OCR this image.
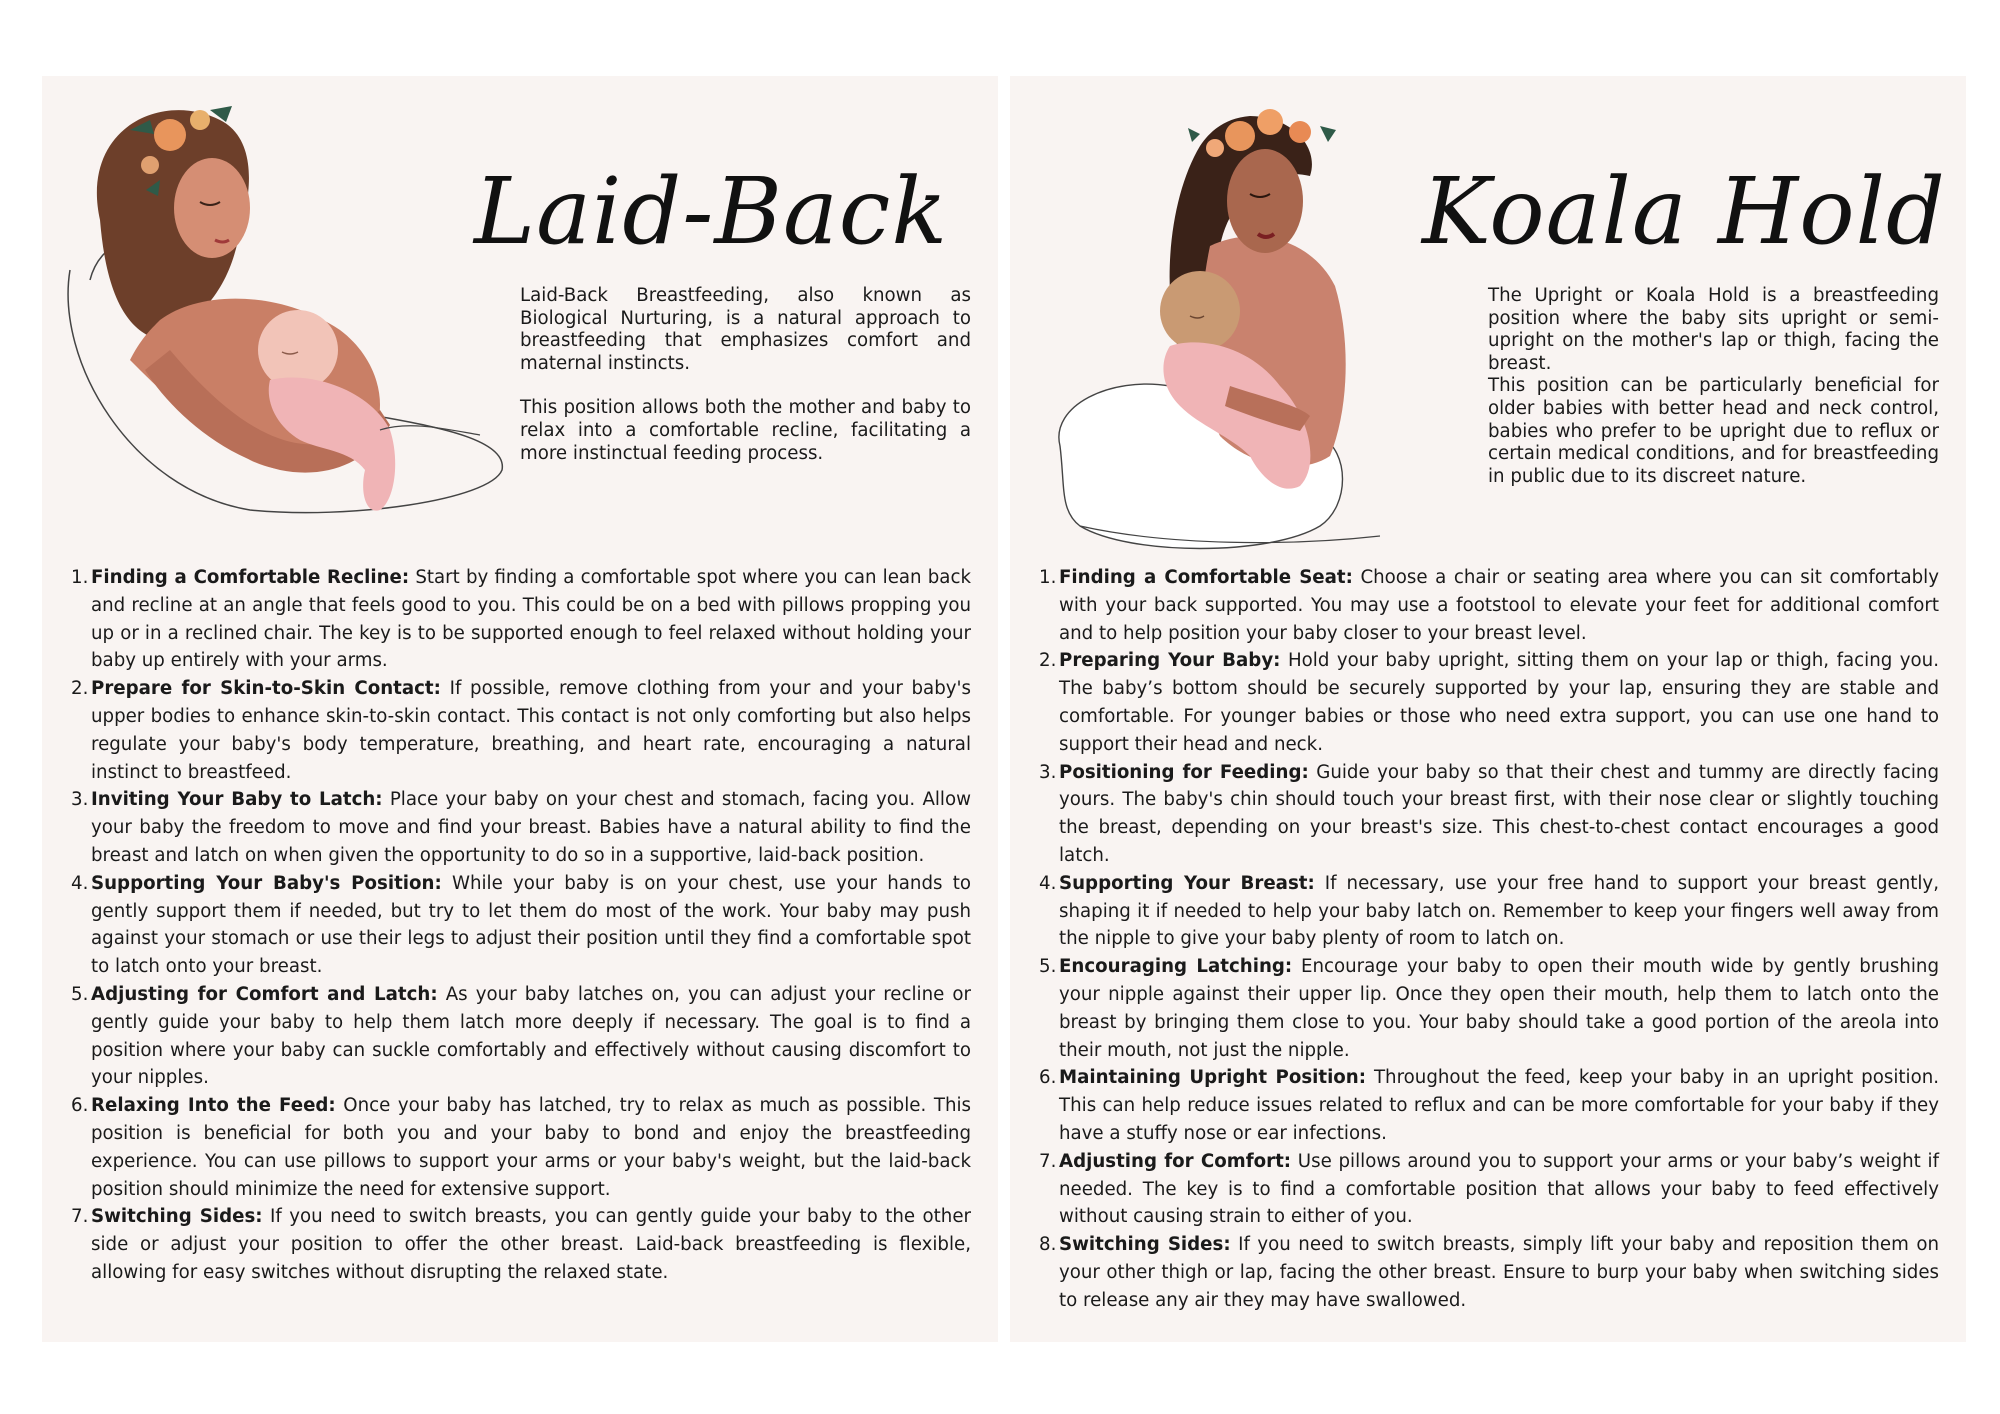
Laid-Back

Laid-Back Breastfeeding, also known as Biological Nurturing, is a natural approach to breastfeeding that emphasizes comfort and maternal instincts.

This position allows both the mother and baby to relax into a comfortable recline, facilitating a more instinctual feeding process.

1. Finding a Comfortable Recline: Start by finding a comfortable spot where you can lean back and recline at an angle that feels good to you. This could be on a bed with pillows propping you up or in a reclined chair. The key is to be supported enough to feel relaxed without holding your baby up entirely with your arms.
2. Prepare for Skin-to-Skin Contact: If possible, remove clothing from your and your baby's upper bodies to enhance skin-to-skin contact. This contact is not only comforting but also helps regulate your baby's body temperature, breathing, and heart rate, encouraging a natural instinct to breastfeed.
3. Inviting Your Baby to Latch: Place your baby on your chest and stomach, facing you. Allow your baby the freedom to move and find your breast. Babies have a natural ability to find the breast and latch on when given the opportunity to do so in a supportive, laid-back position.
4. Supporting Your Baby's Position: While your baby is on your chest, use your hands to gently support them if needed, but try to let them do most of the work. Your baby may push against your stomach or use their legs to adjust their position until they find a comfortable spot to latch onto your breast.
5. Adjusting for Comfort and Latch: As your baby latches on, you can adjust your recline or gently guide your baby to help them latch more deeply if necessary. The goal is to find a position where your baby can suckle comfortably and effectively without causing discomfort to your nipples.
6. Relaxing Into the Feed: Once your baby has latched, try to relax as much as possible. This position is beneficial for both you and your baby to bond and enjoy the breastfeeding experience. You can use pillows to support your arms or your baby's weight, but the laid-back position should minimize the need for extensive support.
7. Switching Sides: If you need to switch breasts, you can gently guide your baby to the other side or adjust your position to offer the other breast. Laid-back breastfeeding is flexible, allowing for easy switches without disrupting the relaxed state.
Koala Hold

The Upright or Koala Hold is a breastfeeding position where the baby sits upright or semi-upright on the mother's lap or thigh, facing the breast.

This position can be particularly beneficial for older babies with better head and neck control, babies who prefer to be upright due to reflux or certain medical conditions, and for breastfeeding in public due to its discreet nature.

1. Finding a Comfortable Seat: Choose a chair or seating area where you can sit comfortably with your back supported. You may use a footstool to elevate your feet for additional comfort and to help position your baby closer to your breast level.
2. Preparing Your Baby: Hold your baby upright, sitting them on your lap or thigh, facing you. The baby’s bottom should be securely supported by your lap, ensuring they are stable and comfortable. For younger babies or those who need extra support, you can use one hand to support their head and neck.
3. Positioning for Feeding: Guide your baby so that their chest and tummy are directly facing yours. The baby's chin should touch your breast first, with their nose clear or slightly touching the breast, depending on your breast's size. This chest-to-chest contact encourages a good latch.
4. Supporting Your Breast: If necessary, use your free hand to support your breast gently, shaping it if needed to help your baby latch on. Remember to keep your fingers well away from the nipple to give your baby plenty of room to latch on.
5. Encouraging Latching: Encourage your baby to open their mouth wide by gently brushing your nipple against their upper lip. Once they open their mouth, help them to latch onto the breast by bringing them close to you. Your baby should take a good portion of the areola into their mouth, not just the nipple.
6. Maintaining Upright Position: Throughout the feed, keep your baby in an upright position. This can help reduce issues related to reflux and can be more comfortable for your baby if they have a stuffy nose or ear infections.
7. Adjusting for Comfort: Use pillows around you to support your arms or your baby’s weight if needed. The key is to find a comfortable position that allows your baby to feed effectively without causing strain to either of you.
8. Switching Sides: If you need to switch breasts, simply lift your baby and reposition them on your other thigh or lap, facing the other breast. Ensure to burp your baby when switching sides to release any air they may have swallowed.
